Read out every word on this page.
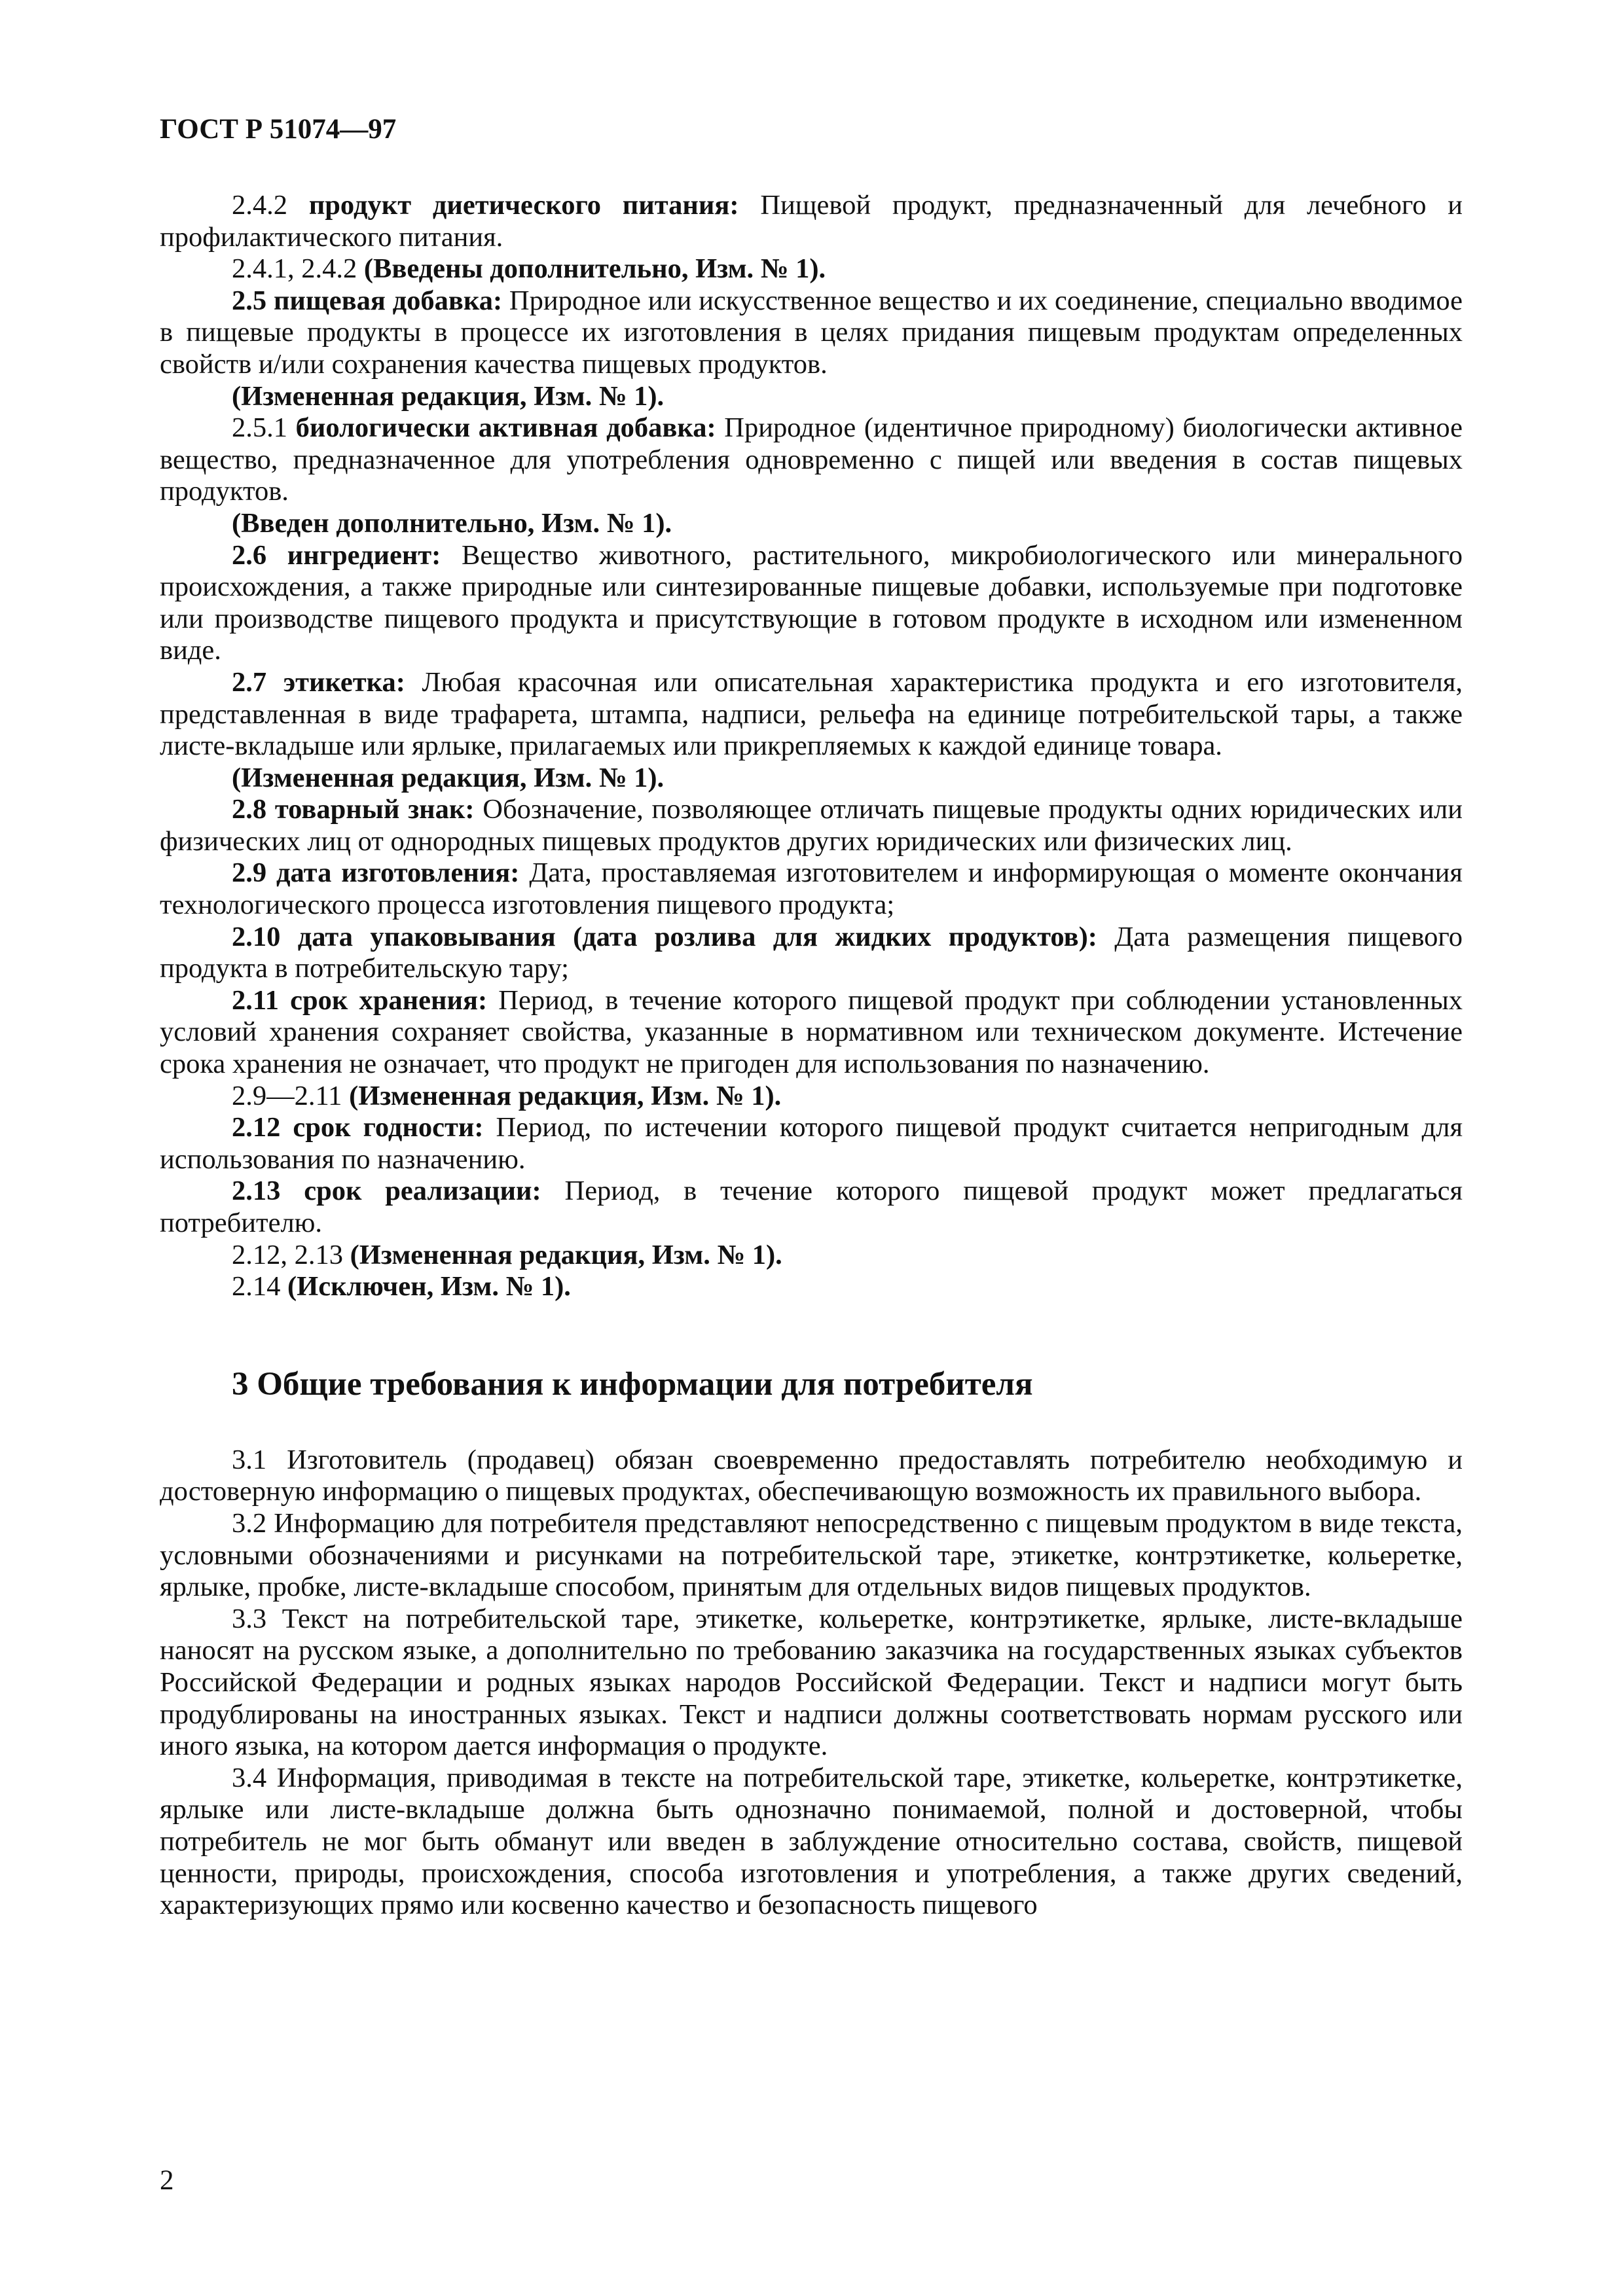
ГОСТ Р 51074—97

2.4.2 продукт диетического питания: Пищевой продукт, предназначенный для лечебного и профилактического питания.

2.4.1, 2.4.2 (Введены дополнительно, Изм. № 1).

2.5 пищевая добавка: Природное или искусственное вещество и их соединение, специально вводимое в пищевые продукты в процессе их изготовления в целях придания пищевым продуктам определенных свойств и/или сохранения качества пищевых продуктов.

(Измененная редакция, Изм. № 1).

2.5.1 биологически активная добавка: Природное (идентичное природному) биологически активное вещество, предназначенное для употребления одновременно с пищей или введения в состав пищевых продуктов.

(Введен дополнительно, Изм. № 1).

2.6 ингредиент: Вещество животного, растительного, микробиологического или минерального происхождения, а также природные или синтезированные пищевые добавки, используемые при подготовке или производстве пищевого продукта и присутствующие в готовом продукте в исходном или измененном виде.

2.7 этикетка: Любая красочная или описательная характеристика продукта и его изготовителя, представленная в виде трафарета, штампа, надписи, рельефа на единице потребительской тары, а также листе-вкладыше или ярлыке, прилагаемых или прикрепляемых к каждой единице товара.

(Измененная редакция, Изм. № 1).

2.8 товарный знак: Обозначение, позволяющее отличать пищевые продукты одних юридических или физических лиц от однородных пищевых продуктов других юридических или физических лиц.

2.9 дата изготовления: Дата, проставляемая изготовителем и информирующая о моменте окончания технологического процесса изготовления пищевого продукта;

2.10 дата упаковывания (дата розлива для жидких продуктов): Дата размещения пищевого продукта в потребительскую тару;

2.11 срок хранения: Период, в течение которого пищевой продукт при соблюдении установленных условий хранения сохраняет свойства, указанные в нормативном или техническом документе. Истечение срока хранения не означает, что продукт не пригоден для использования по назначению.

2.9—2.11 (Измененная редакция, Изм. № 1).

2.12 срок годности: Период, по истечении которого пищевой продукт считается непригодным для использования по назначению.

2.13 срок реализации: Период, в течение которого пищевой продукт может предлагаться потребителю.

2.12, 2.13 (Измененная редакция, Изм. № 1).

2.14 (Исключен, Изм. № 1).

3 Общие требования к информации для потребителя

3.1 Изготовитель (продавец) обязан своевременно предоставлять потребителю необходимую и достоверную информацию о пищевых продуктах, обеспечивающую возможность их правильного выбора.

3.2 Информацию для потребителя представляют непосредственно с пищевым продуктом в виде текста, условными обозначениями и рисунками на потребительской таре, этикетке, контрэтикетке, кольеретке, ярлыке, пробке, листе-вкладыше способом, принятым для отдельных видов пищевых продуктов.

3.3 Текст на потребительской таре, этикетке, кольеретке, контрэтикетке, ярлыке, листе-вкладыше наносят на русском языке, а дополнительно по требованию заказчика на государственных языках субъектов Российской Федерации и родных языках народов Российской Федерации. Текст и надписи могут быть продублированы на иностранных языках. Текст и надписи должны соответствовать нормам русского или иного языка, на котором дается информация о продукте.

3.4 Информация, приводимая в тексте на потребительской таре, этикетке, кольеретке, контрэтикетке, ярлыке или листе-вкладыше должна быть однозначно понимаемой, полной и достоверной, чтобы потребитель не мог быть обманут или введен в заблуждение относительно состава, свойств, пищевой ценности, природы, происхождения, способа изготовления и употребления, а также других сведений, характеризующих прямо или косвенно качество и безопасность пищевого

2
